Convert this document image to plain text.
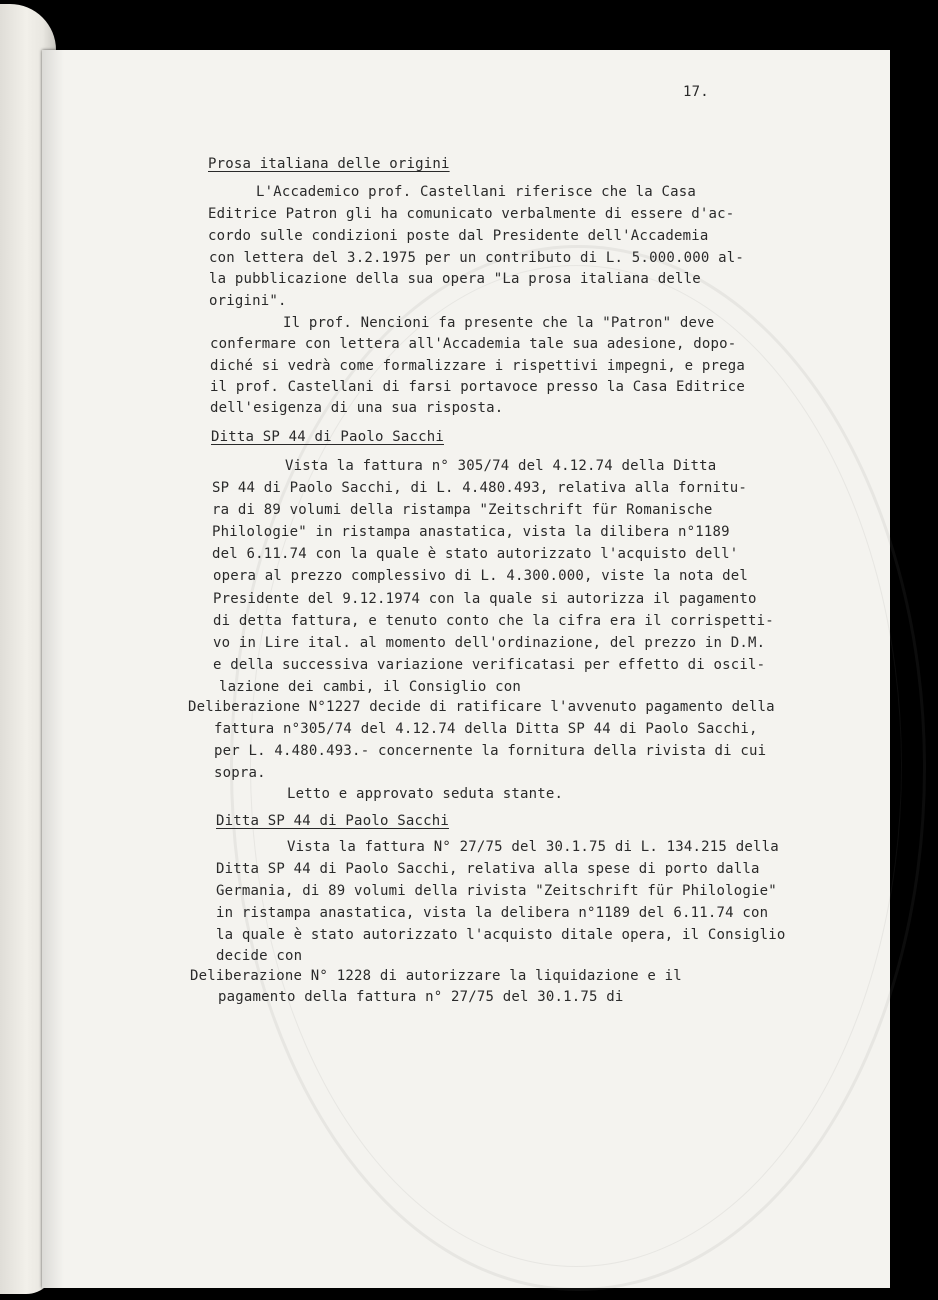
17.
Prosa italiana delle origini
L'Accademico prof. Castellani riferisce che la Casa
Editrice Patron gli ha comunicato verbalmente di essere d'ac-
cordo sulle condizioni poste dal Presidente dell'Accademia
con lettera del 3.2.1975 per un contributo di L. 5.000.000 al-
la pubblicazione della sua opera "La prosa italiana delle
origini".
Il prof. Nencioni fa presente che la "Patron" deve
confermare con lettera all'Accademia tale sua adesione, dopo-
diché si vedrà come formalizzare i rispettivi impegni, e prega
il prof. Castellani di farsi portavoce presso la Casa Editrice
dell'esigenza di una sua risposta.
Ditta SP 44 di Paolo Sacchi
Vista la fattura n° 305/74 del 4.12.74 della Ditta
SP 44 di Paolo Sacchi, di L. 4.480.493, relativa alla fornitu-
ra di 89 volumi della ristampa "Zeitschrift für Romanische
Philologie" in ristampa anastatica, vista la dilibera n°1189
del 6.11.74 con la quale è stato autorizzato l'acquisto dell'
opera al prezzo complessivo di L. 4.300.000, viste la nota del
Presidente del 9.12.1974 con la quale si autorizza il pagamento
di detta fattura, e tenuto conto che la cifra era il corrispetti-
vo in Lire ital. al momento dell'ordinazione, del prezzo in D.M.
e della successiva variazione verificatasi per effetto di oscil-
lazione dei cambi, il Consiglio con
Deliberazione N°1227 decide di ratificare l'avvenuto pagamento della
fattura n°305/74 del 4.12.74 della Ditta SP 44 di Paolo Sacchi,
per L. 4.480.493.- concernente la fornitura della rivista di cui
sopra.
Letto e approvato seduta stante.
Ditta SP 44 di Paolo Sacchi
Vista la fattura N° 27/75 del 30.1.75 di L. 134.215 della
Ditta SP 44 di Paolo Sacchi, relativa alla spese di porto dalla
Germania, di 89 volumi della rivista "Zeitschrift für Philologie"
in ristampa anastatica, vista la delibera n°1189 del 6.11.74 con
la quale è stato autorizzato l'acquisto ditale opera, il Consiglio
decide con
Deliberazione N° 1228 di autorizzare la liquidazione e il
pagamento della fattura n° 27/75 del 30.1.75 di
